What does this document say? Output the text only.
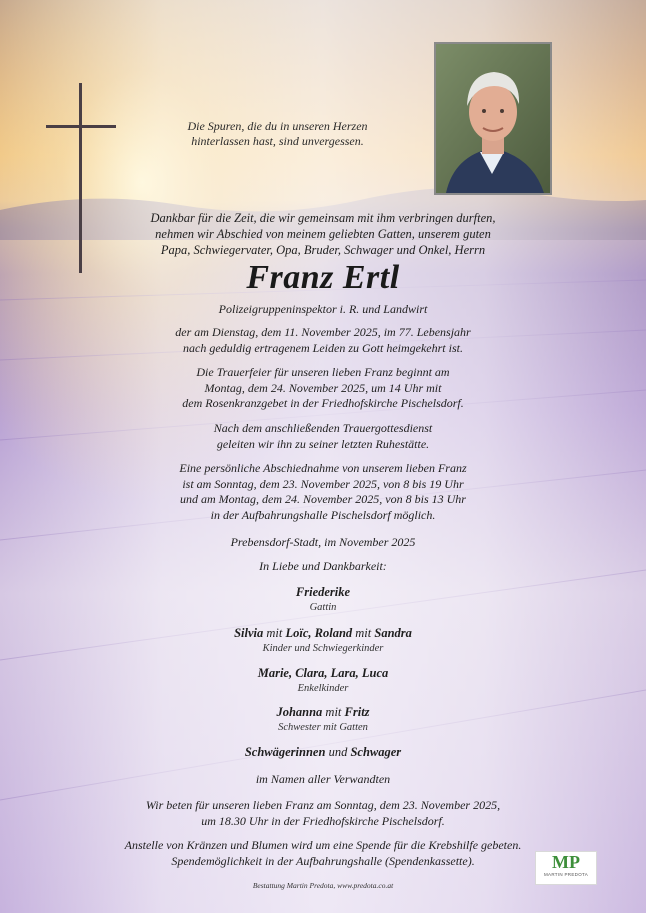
Die Spuren, die du in unseren Herzen
hinterlassen hast, sind unvergessen.
Dankbar für die Zeit, die wir gemeinsam mit ihm verbringen durften,
nehmen wir Abschied von meinem geliebten Gatten, unserem guten
Papa, Schwiegervater, Opa, Bruder, Schwager und Onkel, Herrn
Franz Ertl
Polizeigruppeninspektor i. R. und Landwirt
der am Dienstag, dem 11. November 2025, im 77. Lebensjahr
nach geduldig ertragenem Leiden zu Gott heimgekehrt ist.
Die Trauerfeier für unseren lieben Franz beginnt am
Montag, dem 24. November 2025, um 14 Uhr mit
dem Rosenkranzgebet in der Friedhofskirche Pischelsdorf.
Nach dem anschließenden Trauergottesdienst
geleiten wir ihn zu seiner letzten Ruhestätte.
Eine persönliche Abschiednahme von unserem lieben Franz
ist am Sonntag, dem 23. November 2025, von 8 bis 19 Uhr
und am Montag, dem 24. November 2025, von 8 bis 13 Uhr
in der Aufbahrungshalle Pischelsdorf möglich.
Prebensdorf-Stadt, im November 2025
In Liebe und Dankbarkeit:
Friederike
Gattin
Silvia mit Loïc, Roland mit Sandra
Kinder und Schwiegerkinder
Marie, Clara, Lara, Luca
Enkelkinder
Johanna mit Fritz
Schwester mit Gatten
Schwägerinnen und Schwager
im Namen aller Verwandten
Wir beten für unseren lieben Franz am Sonntag, dem 23. November 2025,
um 18.30 Uhr in der Friedhofskirche Pischelsdorf.
Anstelle von Kränzen und Blumen wird um eine Spende für die Krebshilfe gebeten.
Spendemöglichkeit in der Aufbahrungshalle (Spendenkassette).
Bestattung Martin Predota, www.predota.co.at
MP
MARTIN PREDOTA
